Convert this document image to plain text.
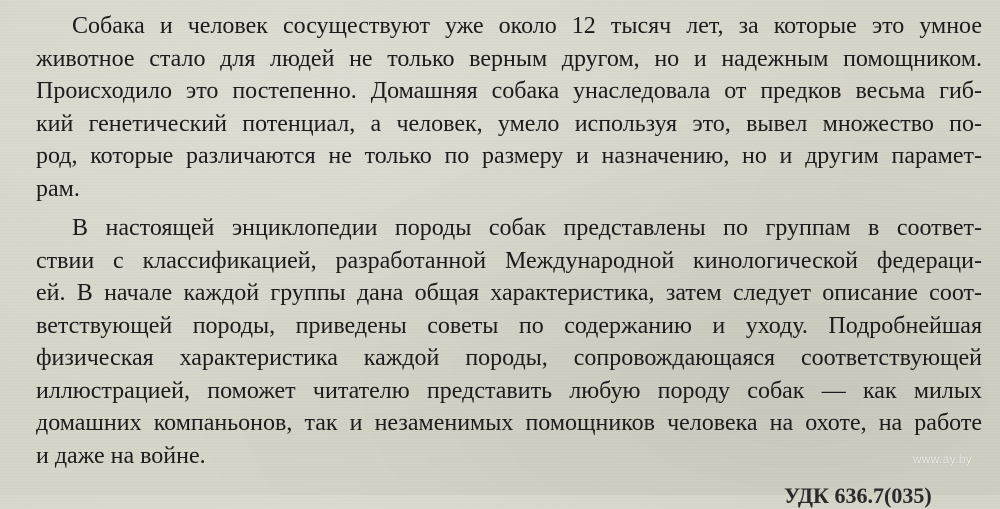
Собака и человек сосуществуют уже около 12 тысяч лет, за которые это умное
животное стало для людей не только верным другом, но и надежным помощником.
Происходило это постепенно. Домашняя собака унаследовала от предков весьма гиб-
кий генетический потенциал, а человек, умело используя это, вывел множество по-
род, которые различаются не только по размеру и назначению, но и другим парамет-
рам.
В настоящей энциклопедии породы собак представлены по группам в соответ-
ствии с классификацией, разработанной Международной кинологической федераци-
ей. В начале каждой группы дана общая характеристика, затем следует описание соот-
ветствующей породы, приведены советы по содержанию и уходу. Подробнейшая
физическая характеристика каждой породы, сопровождающаяся соответствующей
иллюстрацией, поможет читателю представить любую породу собак — как милых
домашних компаньонов, так и незаменимых помощников человека на охоте, на работе
и даже на войне.	www.ay.by
УДК 636.7(035)
